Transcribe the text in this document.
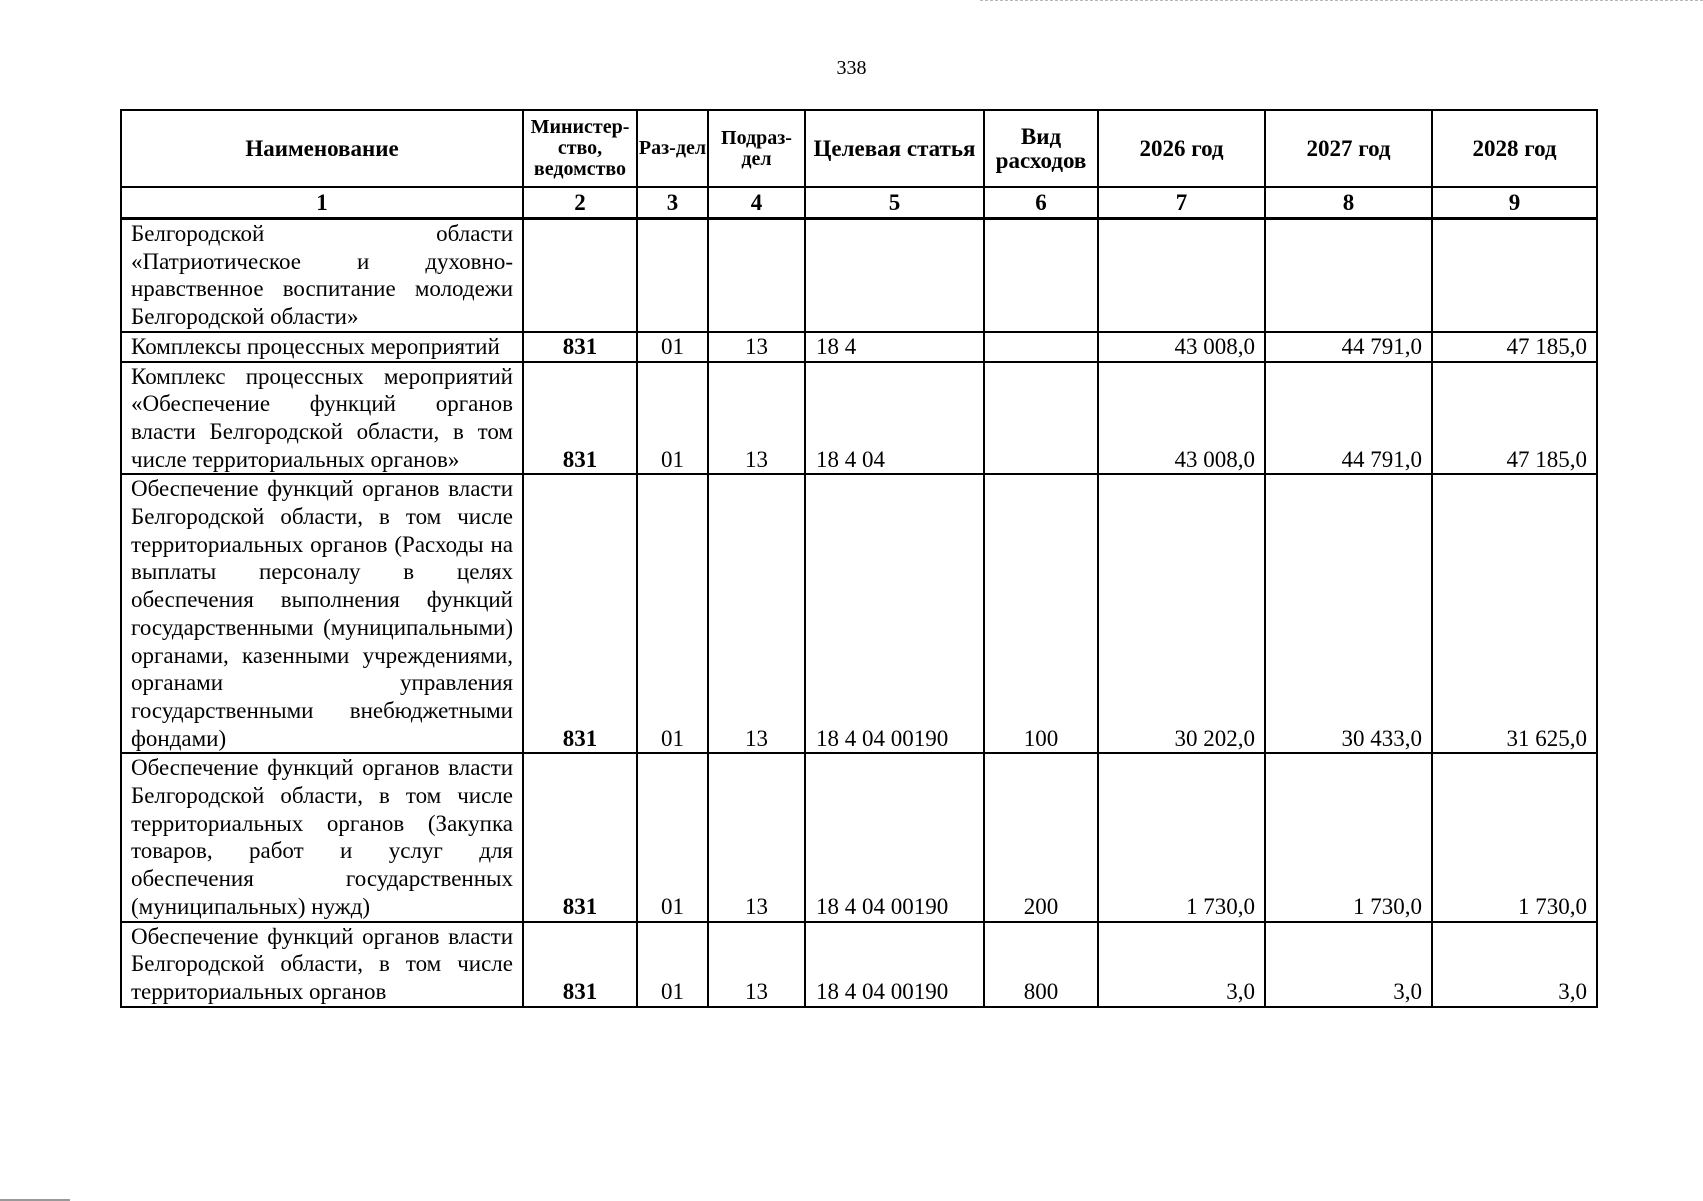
338
Наименование	Министер-ство, ведомство	Раз-дел	Подраз-дел	Целевая статья	Вид расходов	2026 год	2027 год	2028 год
1	2	3	4	5	6	7	8	9
Белгородской области «Патриотическое и духовно-нравственное воспитание молодежи Белгородской области»								
Комплексы процессных мероприятий	831	01	13	18 4		43 008,0	44 791,0	47 185,0
Комплекс процессных мероприятий «Обеспечение функций органов власти Белгородской области, в том числе территориальных органов»	831	01	13	18 4 04		43 008,0	44 791,0	47 185,0
Обеспечение функций органов власти Белгородской области, в том числе территориальных органов (Расходы на выплаты персоналу в целях обеспечения выполнения функций государственными (муниципальными) органами, казенными учреждениями, органами управления государственными внебюджетными фондами)	831	01	13	18 4 04 00190	100	30 202,0	30 433,0	31 625,0
Обеспечение функций органов власти Белгородской области, в том числе территориальных органов (Закупка товаров, работ и услуг для обеспечения государственных (муниципальных) нужд)	831	01	13	18 4 04 00190	200	1 730,0	1 730,0	1 730,0
Обеспечение функций органов власти Белгородской области, в том числе территориальных органов	831	01	13	18 4 04 00190	800	3,0	3,0	3,0
